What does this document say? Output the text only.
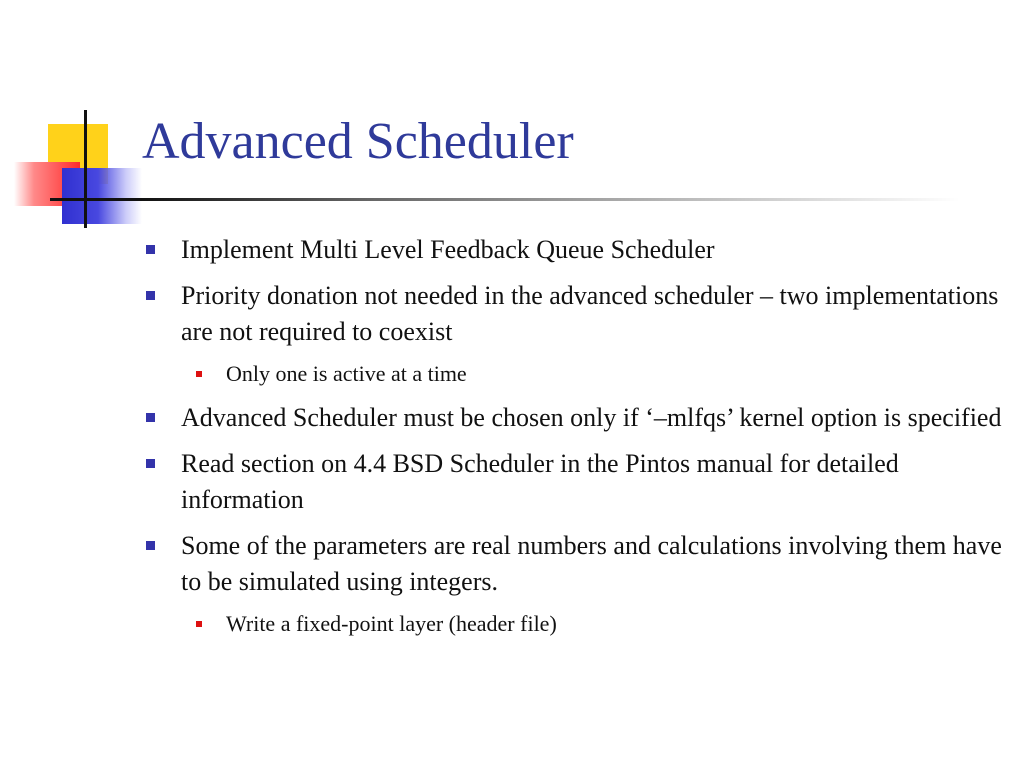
Advanced Scheduler
Implement Multi Level Feedback Queue Scheduler
Priority donation not needed in the advanced scheduler – two implementations are not required to coexist
Only one is active at a time
Advanced Scheduler must be chosen only if ‘–mlfqs’ kernel option is specified
Read section on 4.4 BSD Scheduler in the Pintos manual for detailed information
Some of the parameters are real numbers and calculations involving them have to be simulated using integers.
Write a fixed-point layer (header file)
